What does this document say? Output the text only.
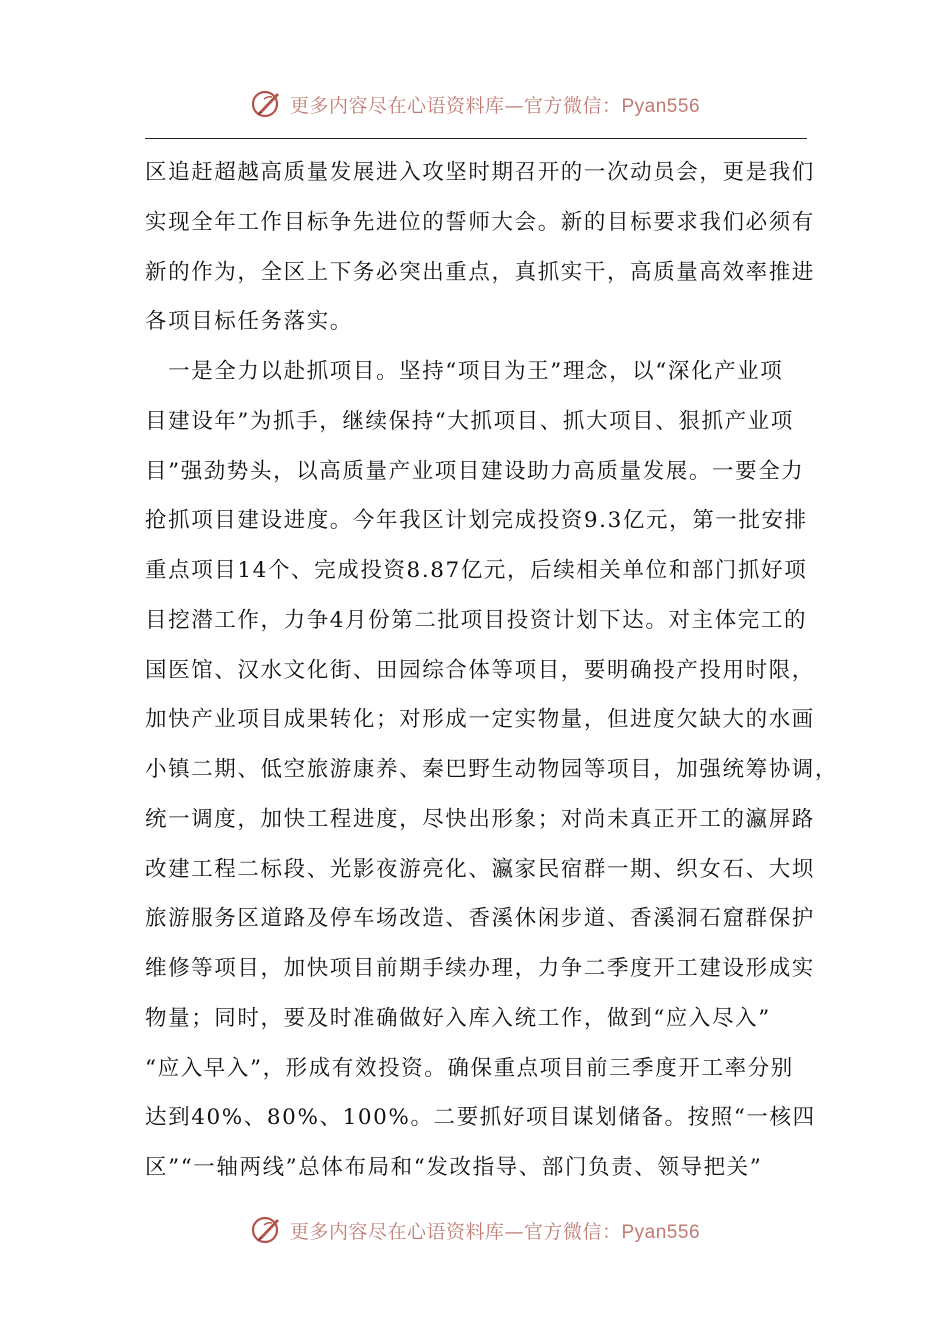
更多内容尽在心语资料库—官方微信：Pyan556
区追赶超越高质量发展进入攻坚时期召开的一次动员会，更是我们
实现全年工作目标争先进位的誓师大会。新的目标要求我们必须有
新的作为，全区上下务必突出重点，真抓实干，高质量高效率推进
各项目标任务落实。
　一是全力以赴抓项目。坚持“项目为王”理念，以“深化产业项
目建设年”为抓手，继续保持“大抓项目、抓大项目、狠抓产业项
目”强劲势头，以高质量产业项目建设助力高质量发展。一要全力
抢抓项目建设进度。今年我区计划完成投资9.3亿元，第一批安排
重点项目14个、完成投资8.87亿元，后续相关单位和部门抓好项
目挖潜工作，力争4月份第二批项目投资计划下达。对主体完工的
国医馆、汉水文化街、田园综合体等项目，要明确投产投用时限，
加快产业项目成果转化；对形成一定实物量，但进度欠缺大的水画
小镇二期、低空旅游康养、秦巴野生动物园等项目，加强统筹协调，
统一调度，加快工程进度，尽快出形象；对尚未真正开工的瀛屏路
改建工程二标段、光影夜游亮化、瀛家民宿群一期、织女石、大坝
旅游服务区道路及停车场改造、香溪休闲步道、香溪洞石窟群保护
维修等项目，加快项目前期手续办理，力争二季度开工建设形成实
物量；同时，要及时准确做好入库入统工作，做到“应入尽入”
“应入早入”，形成有效投资。确保重点项目前三季度开工率分别
达到40%、80%、100%。二要抓好项目谋划储备。按照“一核四
区”“一轴两线”总体布局和“发改指导、部门负责、领导把关”
更多内容尽在心语资料库—官方微信：Pyan556
